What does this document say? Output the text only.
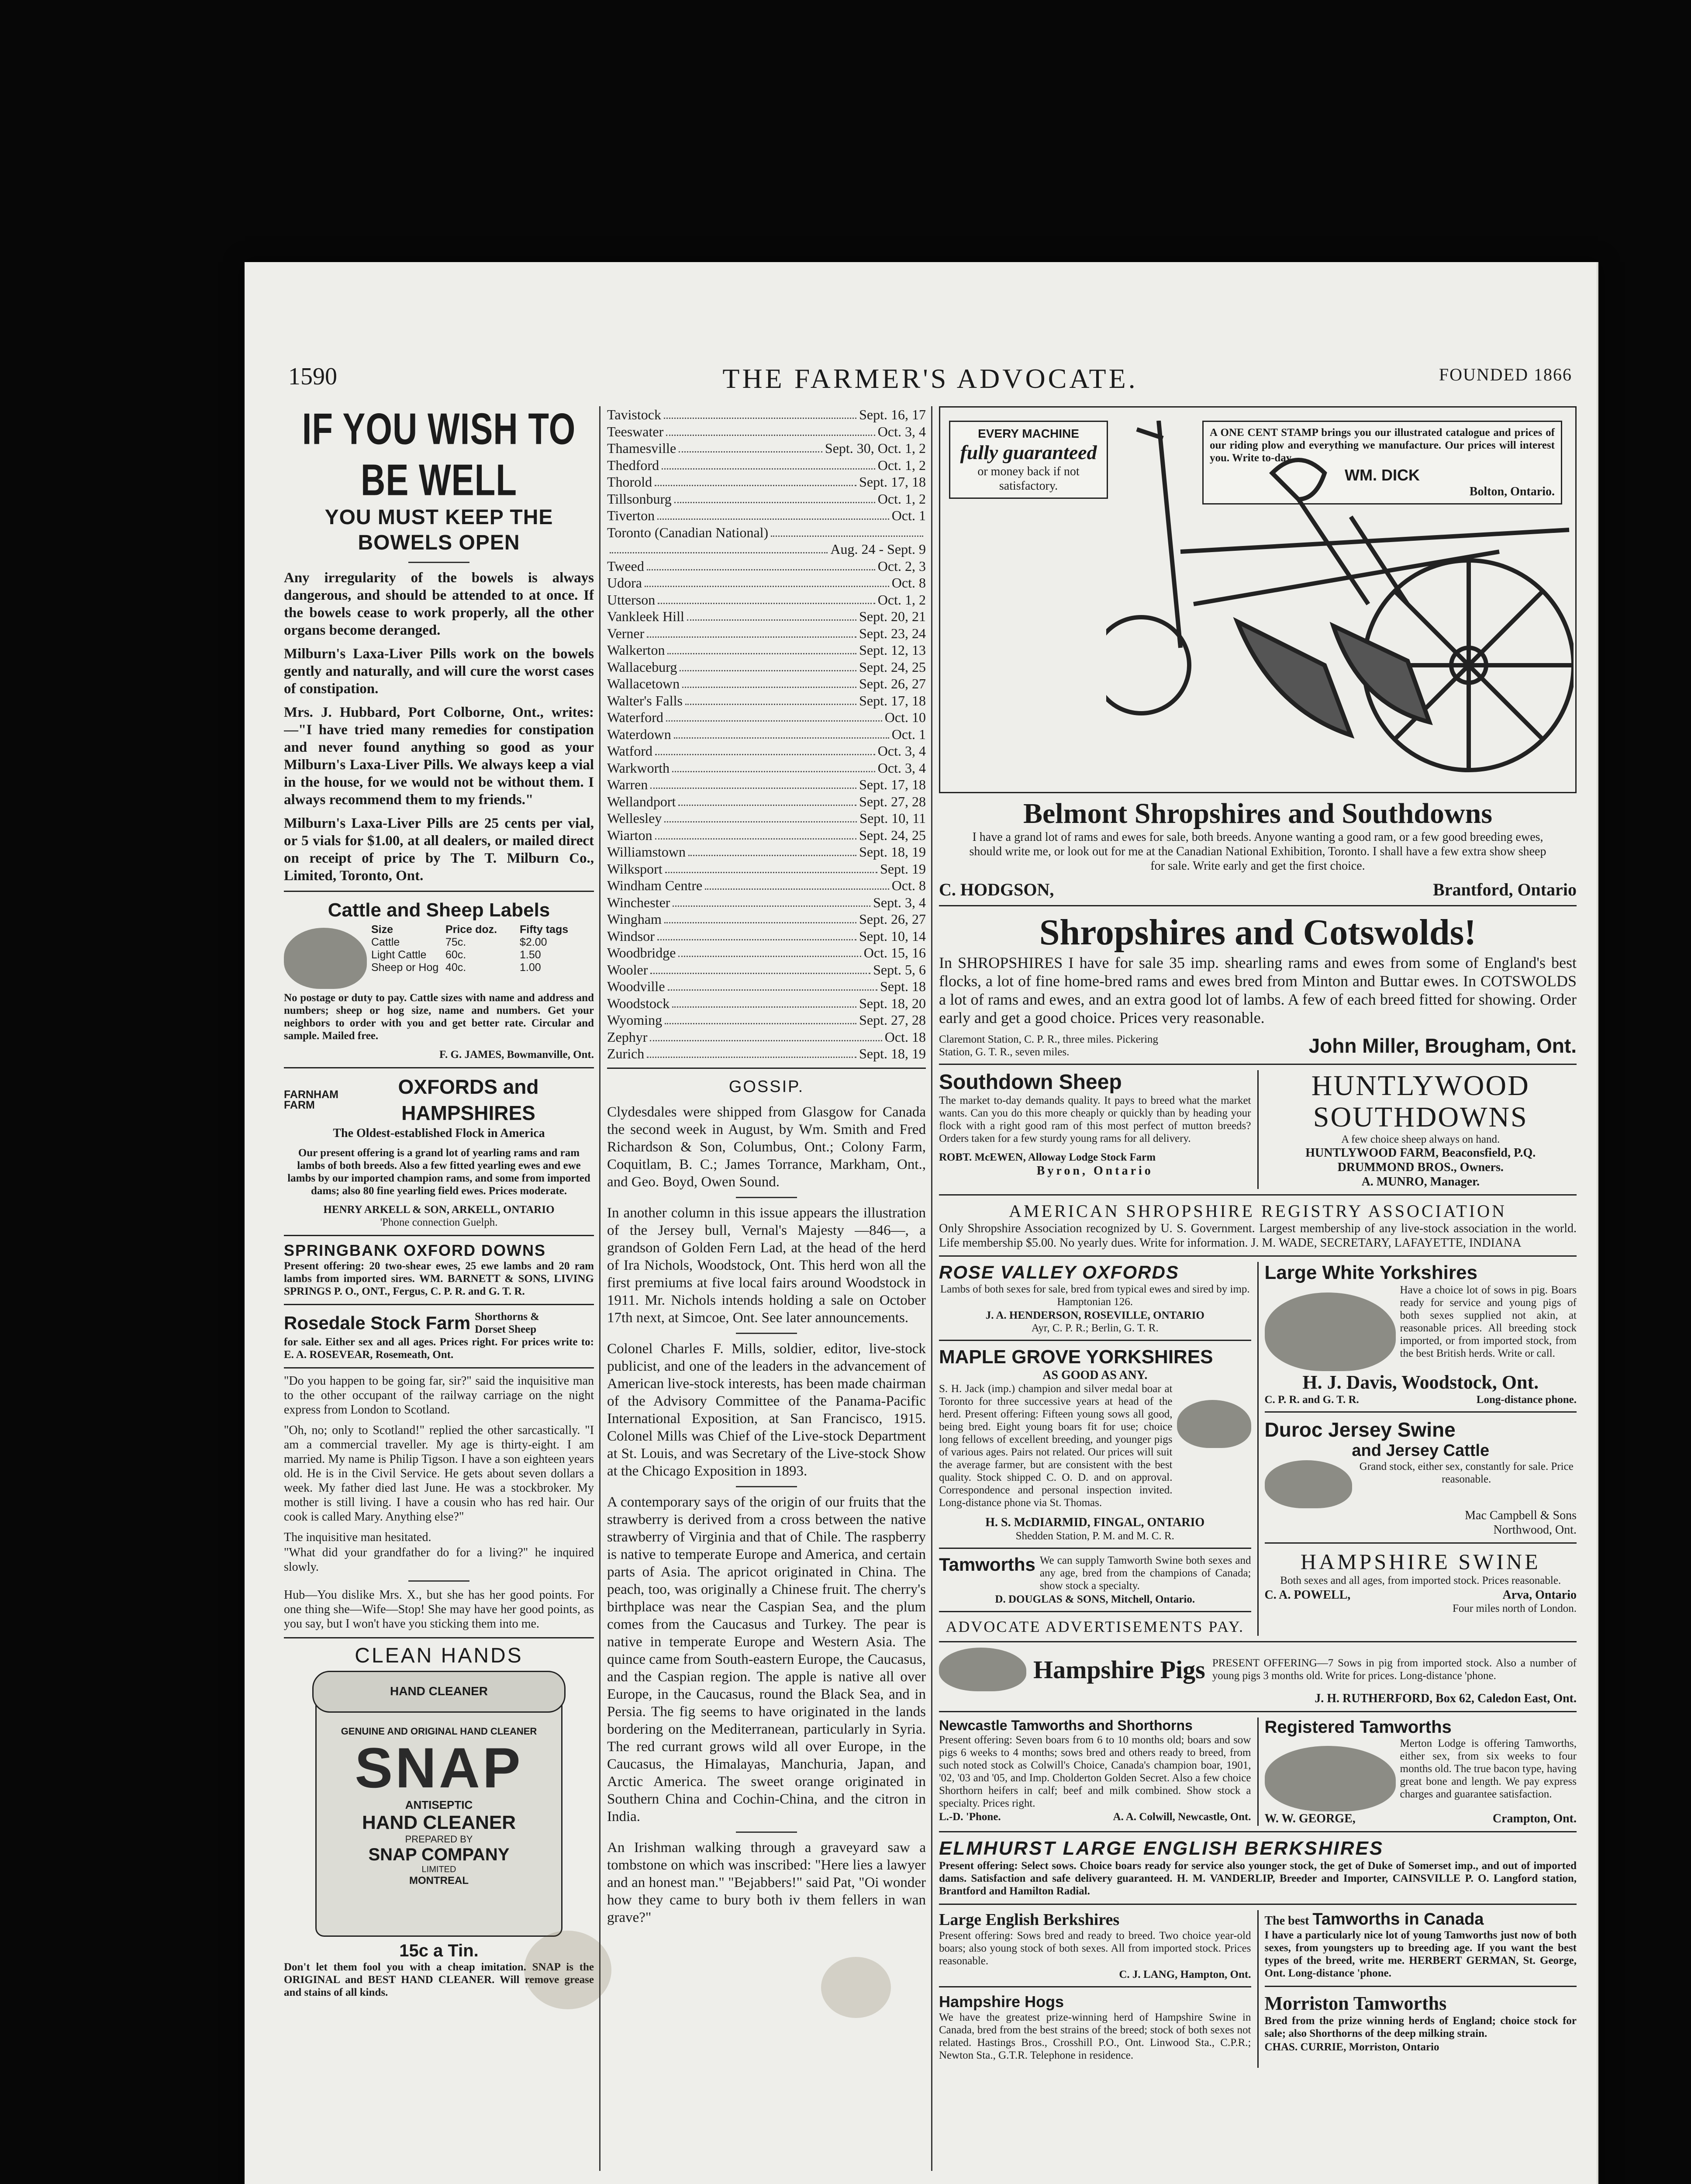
1590	THE FARMER'S ADVOCATE.	FOUNDED 1866
IF YOU WISH TO BE WELL
YOU MUST KEEP THE
BOWELS OPEN

Any irregularity of the bowels is always dangerous, and should be attended to at once. If the bowels cease to work properly, all the other organs become deranged.

Milburn's Laxa-Liver Pills work on the bowels gently and naturally, and will cure the worst cases of constipation.

Mrs. J. Hubbard, Port Colborne, Ont., writes:—"I have tried many remedies for constipation and never found anything so good as your Milburn's Laxa-Liver Pills. We always keep a vial in the house, for we would not be without them. I always recommend them to my friends."

Milburn's Laxa-Liver Pills are 25 cents per vial, or 5 vials for $1.00, at all dealers, or mailed direct on receipt of price by The T. Milburn Co., Limited, Toronto, Ont.

Cattle and Sheep Labels
Size	Price doz.	Fifty tags
Cattle	75c.	$2.00
Light Cattle	60c.	1.50
Sheep or Hog 40c.	1.00

No postage or duty to pay. Cattle sizes with name and address and numbers; sheep or hog size, name and numbers. Get your neighbors to order with you and get better rate. Circular and sample. Mailed free.

F. G. JAMES, Bowmanville, Ont.

FARNHAM
FARM
OXFORDS and HAMPSHIRES

The Oldest-established Flock in America

Our present offering is a grand lot of yearling rams and ram lambs of both breeds. Also a few fitted yearling ewes and ewe lambs by our imported champion rams, and some from imported dams; also 80 fine yearling field ewes. Prices moderate.

HENRY ARKELL & SON, ARKELL, ONTARIO

'Phone connection Guelph.

SPRINGBANK OXFORD DOWNS

Present offering: 20 two-shear ewes, 25 ewe lambs and 20 ram lambs from imported sires. WM. BARNETT & SONS, LIVING SPRINGS P. O., ONT., Fergus, C. P. R. and G. T. R.

Rosedale Stock Farm Shorthorns & Dorset Sheep

for sale. Either sex and all ages. Prices right. For prices write to: E. A. ROSEVEAR, Rosemeath, Ont.

"Do you happen to be going far, sir?" said the inquisitive man to the other occupant of the railway carriage on the night express from London to Scotland.

"Oh, no; only to Scotland!" replied the other sarcastically. "I am a commercial traveller. My age is thirty-eight. I am married. My name is Philip Tigson. I have a son eighteen years old. He is in the Civil Service. He gets about seven dollars a week. My father died last June. He was a stockbroker. My mother is still living. I have a cousin who has red hair. Our cook is called Mary. Anything else?"

The inquisitive man hesitated.

"What did your grandfather do for a living?" he inquired slowly.

Hub—You dislike Mrs. X., but she has her good points. For one thing she—Wife—Stop! She may have her good points, as you say, but I won't have you sticking them into me.

CLEAN HANDS
HAND CLEANER
GENUINE AND ORIGINAL HAND CLEANER
SNAP
ANTISEPTIC
HAND CLEANER
PREPARED BY
SNAP COMPANY
LIMITED
MONTREAL
15c a Tin.

Don't let them fool you with a cheap imitation. SNAP is the ORIGINAL and BEST HAND CLEANER. Will remove grease and stains of all kinds.

Tavistock	Sept. 16, 17
Teeswater	Oct. 3, 4
Thamesville	Sept. 30, Oct. 1, 2
Thedford	Oct. 1, 2
Thorold	Sept. 17, 18
Tillsonburg	Oct. 1, 2
Tiverton	Oct. 1
Toronto (Canadian National)
Aug. 24 - Sept. 9
Tweed	Oct. 2, 3
Udora	Oct. 8
Utterson	Oct. 1, 2
Vankleek Hill	Sept. 20, 21
Verner	Sept. 23, 24
Walkerton	Sept. 12, 13
Wallaceburg	Sept. 24, 25
Wallacetown	Sept. 26, 27
Walter's Falls	Sept. 17, 18
Waterford	Oct. 10
Waterdown	Oct. 1
Watford	Oct. 3, 4
Warkworth	Oct. 3, 4
Warren	Sept. 17, 18
Wellandport	Sept. 27, 28
Wellesley	Sept. 10, 11
Wiarton	Sept. 24, 25
Williamstown	Sept. 18, 19
Wilksport	Sept. 19
Windham Centre	Oct. 8
Winchester	Sept. 3, 4
Wingham	Sept. 26, 27
Windsor	Sept. 10, 14
Woodbridge	Oct. 15, 16
Wooler	Sept. 5, 6
Woodville	Sept. 18
Woodstock	Sept. 18, 20
Wyoming	Sept. 27, 28
Zephyr	Oct. 18
Zurich	Sept. 18, 19
GOSSIP.

Clydesdales were shipped from Glasgow for Canada the second week in August, by Wm. Smith and Fred Richardson & Son, Columbus, Ont.; Colony Farm, Coquitlam, B. C.; James Torrance, Markham, Ont., and Geo. Boyd, Owen Sound.

In another column in this issue appears the illustration of the Jersey bull, Vernal's Majesty —846—, a grandson of Golden Fern Lad, at the head of the herd of Ira Nichols, Woodstock, Ont. This herd won all the first premiums at five local fairs around Woodstock in 1911. Mr. Nichols intends holding a sale on October 17th next, at Simcoe, Ont. See later announcements.

Colonel Charles F. Mills, soldier, editor, live-stock publicist, and one of the leaders in the advancement of American live-stock interests, has been made chairman of the Advisory Committee of the Panama-Pacific International Exposition, at San Francisco, 1915. Colonel Mills was Chief of the Live-stock Department at St. Louis, and was Secretary of the Live-stock Show at the Chicago Exposition in 1893.

A contemporary says of the origin of our fruits that the strawberry is derived from a cross between the native strawberry of Virginia and that of Chile. The raspberry is native to temperate Europe and America, and certain parts of Asia. The apricot originated in China. The peach, too, was originally a Chinese fruit. The cherry's birthplace was near the Caspian Sea, and the plum comes from the Caucasus and Turkey. The pear is native in temperate Europe and Western Asia. The quince came from South-eastern Europe, the Caucasus, and the Caspian region. The apple is native all over Europe, in the Caucasus, round the Black Sea, and in Persia. The fig seems to have originated in the lands bordering on the Mediterranean, particularly in Syria. The red currant grows wild all over Europe, in the Caucasus, the Himalayas, Manchuria, Japan, and Arctic America. The sweet orange originated in Southern China and Cochin-China, and the citron in India.

An Irishman walking through a graveyard saw a tombstone on which was inscribed: "Here lies a lawyer and an honest man." "Bejabbers!" said Pat, "Oi wonder how they came to bury both iv them fellers in wan grave?"

EVERY MACHINE
fully guaranteed
or money back if not satisfactory.

A ONE CENT STAMP brings you our illustrated catalogue and prices of our riding plow and everything we manufacture. Our prices will interest you. Write to-day.

WM. DICK
Bolton, Ontario.
Belmont Shropshires and Southdowns

I have a grand lot of rams and ewes for sale, both breeds. Anyone wanting a good ram, or a few good breeding ewes, should write me, or look out for me at the Canadian National Exhibition, Toronto. I shall have a few extra show sheep for sale. Write early and get the first choice.

C. HODGSON,	Brantford, Ontario
Shropshires and Cotswolds!

In SHROPSHIRES I have for sale 35 imp. shearling rams and ewes from some of England's best flocks, a lot of fine home-bred rams and ewes bred from Minton and Buttar ewes. In COTSWOLDS a lot of rams and ewes, and an extra good lot of lambs. A few of each breed fitted for showing. Order early and get a good choice. Prices very reasonable.

Claremont Station, C. P. R., three miles. Pickering Station, G. T. R., seven miles.	John Miller, Brougham, Ont.
Southdown Sheep

The market to-day demands quality. It pays to breed what the market wants. Can you do this more cheaply or quickly than by heading your flock with a right good ram of this most perfect of mutton breeds? Orders taken for a few sturdy young rams for all delivery.

ROBT. McEWEN, Alloway Lodge Stock Farm
Byron, Ontario
HUNTLYWOOD
SOUTHDOWNS
A few choice sheep always on hand.
HUNTLYWOOD FARM, Beaconsfield, P.Q.
DRUMMOND BROS., Owners.
A. MUNRO, Manager.
AMERICAN SHROPSHIRE REGISTRY ASSOCIATION

Only Shropshire Association recognized by U. S. Government. Largest membership of any live-stock association in the world. Life membership $5.00. No yearly dues. Write for information. J. M. WADE, SECRETARY, LAFAYETTE, INDIANA

ROSE VALLEY OXFORDS

Lambs of both sexes for sale, bred from typical ewes and sired by imp. Hamptonian 126.

J. A. HENDERSON, ROSEVILLE, ONTARIO
Ayr, C. P. R.; Berlin, G. T. R.
MAPLE GROVE YORKSHIRES
AS GOOD AS ANY.

S. H. Jack (imp.) champion and silver medal boar at Toronto for three successive years at head of the herd. Present offering: Fifteen young sows all good, being bred. Eight young boars fit for use; choice long fellows of excellent breeding, and younger pigs of various ages. Pairs not related. Our prices will suit the average farmer, but are consistent with the best quality. Stock shipped C. O. D. and on approval. Correspondence and personal inspection invited. Long-distance phone via St. Thomas.

H. S. McDIARMID, FINGAL, ONTARIO
Shedden Station, P. M. and M. C. R.
Tamworths We can supply Tamworth Swine both sexes and any age, bred from the champions of Canada; show stock a specialty.

D. DOUGLAS & SONS, Mitchell, Ontario.
ADVOCATE ADVERTISEMENTS PAY.
Large White Yorkshires

Have a choice lot of sows in pig. Boars ready for service and young pigs of both sexes supplied not akin, at reasonable prices. All breeding stock imported, or from imported stock, from the best British herds. Write or call.

H. J. Davis, Woodstock, Ont.
C. P. R. and G. T. R.	Long-distance phone.
Duroc Jersey Swine
and Jersey Cattle

Grand stock, either sex, constantly for sale. Price reasonable.

Mac Campbell & Sons
Northwood, Ont.
HAMPSHIRE SWINE

Both sexes and all ages, from imported stock. Prices reasonable.

C. A. POWELL,	Arva, Ontario
Four miles north of London.
Hampshire Pigs PRESENT OFFERING—7 Sows in pig from imported stock. Also a number of young pigs 3 months old. Write for prices. Long-distance 'phone.

J. H. RUTHERFORD, Box 62, Caledon East, Ont.
Newcastle Tamworths and Shorthorns

Present offering: Seven boars from 6 to 10 months old; boars and sow pigs 6 weeks to 4 months; sows bred and others ready to breed, from such noted stock as Colwill's Choice, Canada's champion boar, 1901, '02, '03 and '05, and Imp. Cholderton Golden Secret. Also a few choice Shorthorn heifers in calf; beef and milk combined. Show stock a specialty. Prices right.

L.-D. 'Phone.	A. A. Colwill, Newcastle, Ont.
Registered Tamworths

Merton Lodge is offering Tamworths, either sex, from six weeks to four months old. The true bacon type, having great bone and length. We pay express charges and guarantee satisfaction.

W. W. GEORGE,	Crampton, Ont.
ELMHURST LARGE ENGLISH BERKSHIRES

Present offering: Select sows. Choice boars ready for service also younger stock, the get of Duke of Somerset imp., and out of imported dams. Satisfaction and safe delivery guaranteed. H. M. VANDERLIP, Breeder and Importer, CAINSVILLE P. O. Langford station, Brantford and Hamilton Radial.

Large English Berkshires

Present offering: Sows bred and ready to breed. Two choice year-old boars; also young stock of both sexes. All from imported stock. Prices reasonable.

C. J. LANG, Hampton, Ont.
Hampshire Hogs

We have the greatest prize-winning herd of Hampshire Swine in Canada, bred from the best strains of the breed; stock of both sexes not related. Hastings Bros., Crosshill P.O., Ont. Linwood Sta., C.P.R.; Newton Sta., G.T.R. Telephone in residence.

The best Tamworths in Canada

I have a particularly nice lot of young Tamworths just now of both sexes, from youngsters up to breeding age. If you want the best types of the breed, write me. HERBERT GERMAN, St. George, Ont. Long-distance 'phone.

Morriston Tamworths

Bred from the prize winning herds of England; choice stock for sale; also Shorthorns of the deep milking strain.

CHAS. CURRIE, Morriston, Ontario
